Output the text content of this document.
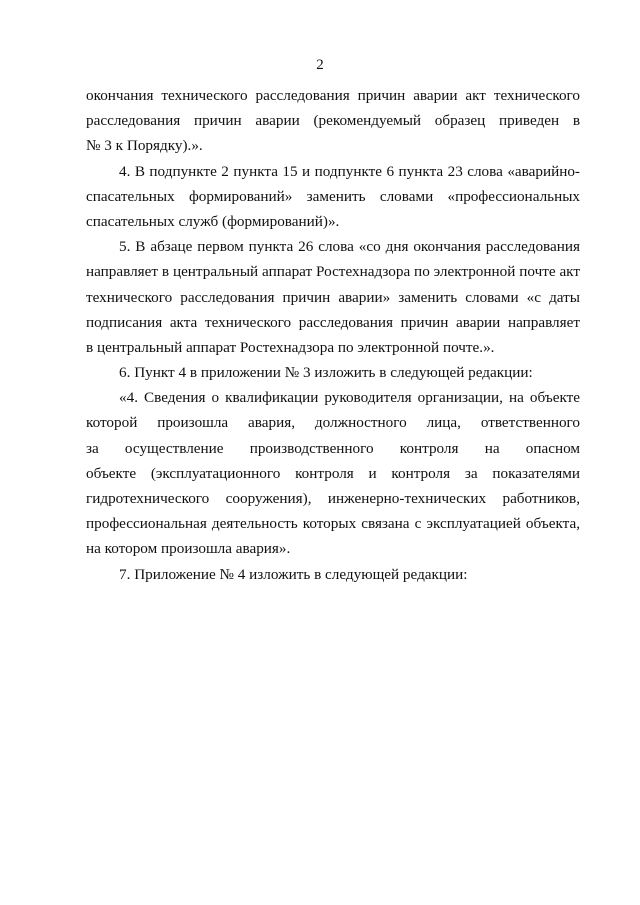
2
окончания технического расследования причин аварии акт технического
расследования причин аварии (рекомендуемый образец приведен в
№ 3 к Порядку).».
4. В подпункте 2 пункта 15 и подпункте 6 пункта 23 слова «аварийно-
спасательных формирований» заменить словами «профессиональных
спасательных служб (формирований)».
5. В абзаце первом пункта 26 слова «со дня окончания расследования
направляет в центральный аппарат Ростехнадзора по электронной почте акт
технического расследования причин аварии» заменить словами «с даты
подписания акта технического расследования причин аварии направляет
в центральный аппарат Ростехнадзора по электронной почте.».
6. Пункт 4 в приложении № 3 изложить в следующей редакции:
«4. Сведения о квалификации руководителя организации, на объекте
которой произошла авария, должностного лица, ответственного
за осуществление производственного контроля на опасном
объекте (эксплуатационного контроля и контроля за показателями
гидротехнического сооружения), инженерно-технических работников,
профессиональная деятельность которых связана с эксплуатацией объекта,
на котором произошла авария».
7. Приложение № 4 изложить в следующей редакции:
